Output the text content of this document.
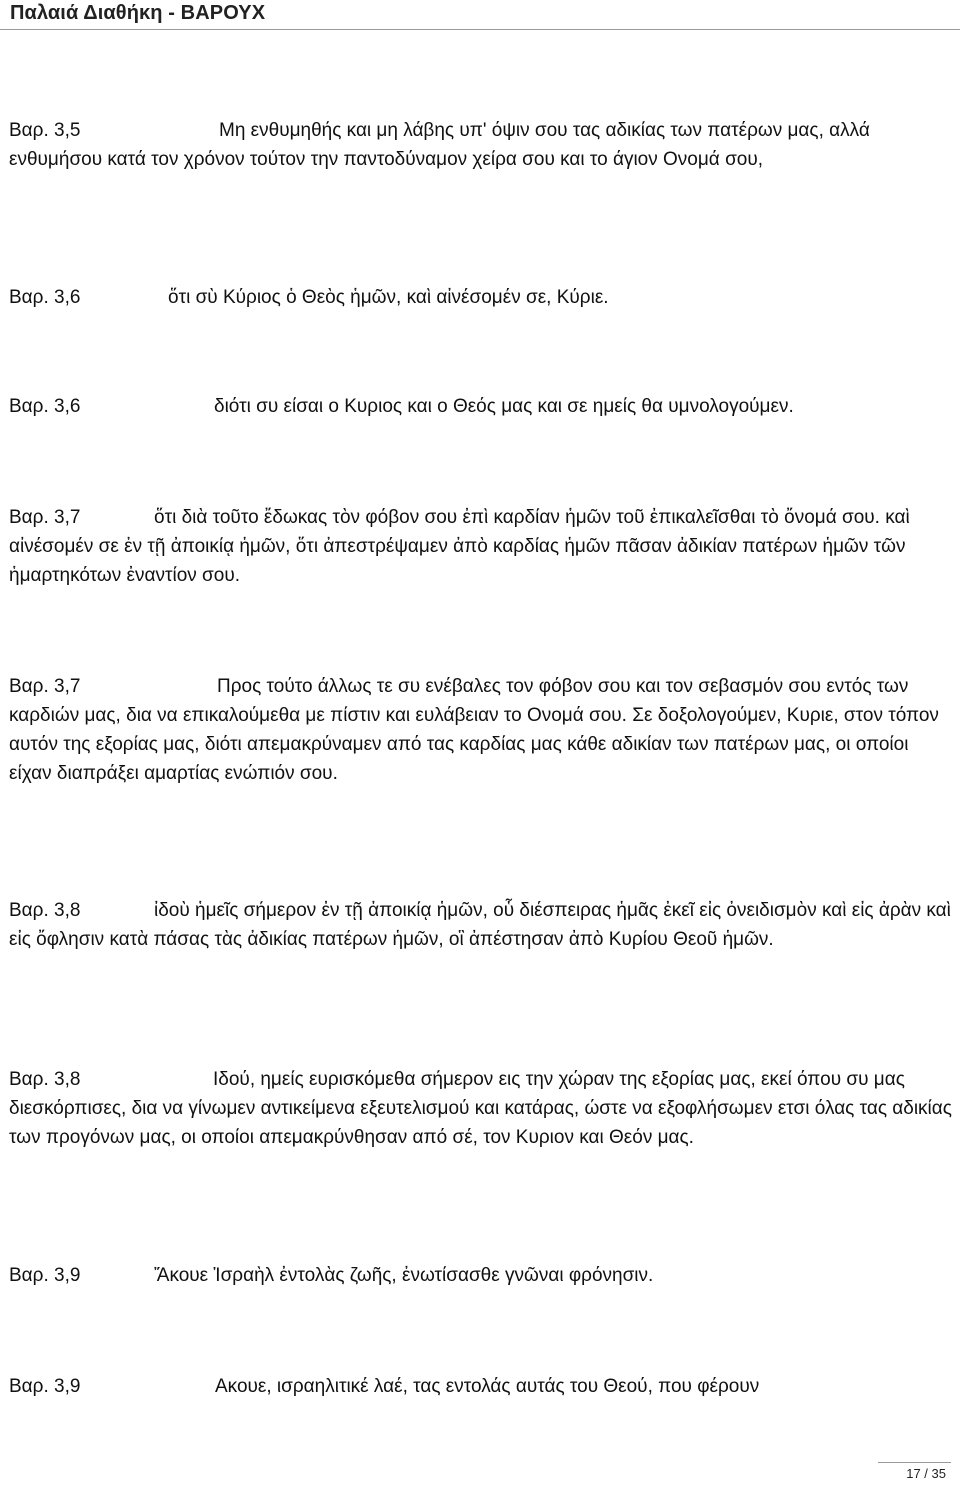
Παλαιά Διαθήκη - ΒΑΡΟΥΧ
Βαρ. 3,5	Μη ενθυμηθής και μη λάβης υπ' όψιν σου τας αδικίας των πατέρων μας, αλλά ενθυμήσου κατά τον χρόνον τούτον την παντοδύναμον χείρα σου και το άγιον Ονομά σου,
Βαρ. 3,6	ὅτι σὺ Κύριος ὁ Θεὸς ἡμῶν, καὶ αἰνέσομέν σε, Κύριε.
Βαρ. 3,6	διότι συ είσαι ο Κυριος και ο Θεός μας και σε ημείς θα υμνολογούμεν.
Βαρ. 3,7	ὅτι διὰ τοῦτο ἔδωκας τὸν φόβον σου ἐπὶ καρδίαν ἡμῶν τοῦ ἐπικαλεῖσθαι τὸ ὄνομά σου. καὶ αἰνέσομέν σε ἐν τῇ ἀποικίᾳ ἡμῶν, ὅτι ἀπεστρέψαμεν ἀπὸ καρδίας ἡμῶν πᾶσαν ἀδικίαν πατέρων ἡμῶν τῶν ἡμαρτηκότων ἐναντίον σου.
Βαρ. 3,7	Προς τούτο άλλως τε συ ενέβαλες τον φόβον σου και τον σεβασμόν σου εντός των καρδιών μας, δια να επικαλούμεθα με πίστιν και ευλάβειαν το Ονομά σου. Σε δοξολογούμεν, Κυριε, στον τόπον αυτόν της εξορίας μας, διότι απεμακρύναμεν από τας καρδίας μας κάθε αδικίαν των πατέρων μας, οι οποίοι είχαν διαπράξει αμαρτίας ενώπιόν σου.
Βαρ. 3,8	ἰδοὺ ἡμεῖς σήμερον ἐν τῇ ἀποικίᾳ ἡμῶν, οὗ διέσπειρας ἡμᾶς ἐκεῖ εἰς ὀνειδισμὸν καὶ εἰς ἀρὰν καὶ εἰς ὄφλησιν κατὰ πάσας τὰς ἀδικίας πατέρων ἡμῶν, οἳ ἀπέστησαν ἀπὸ Κυρίου Θεοῦ ἡμῶν.
Βαρ. 3,8	Ιδού, ημείς ευρισκόμεθα σήμερον εις την χώραν της εξορίας μας, εκεί όπου συ μας διεσκόρπισες, δια να γίνωμεν αντικείμενα εξευτελισμού και κατάρας, ώστε να εξοφλήσωμεν ετσι όλας τας αδικίας των προγόνων μας, οι οποίοι απεμακρύνθησαν από σέ, τον Κυριον και Θεόν μας.
Βαρ. 3,9	Ἄκουε Ἰσραὴλ ἐντολὰς ζωῆς, ἐνωτίσασθε γνῶναι φρόνησιν.
Βαρ. 3,9	Ακουε, ισραηλιτικέ λαέ, τας εντολάς αυτάς του Θεού, που φέρουν
17 / 35
